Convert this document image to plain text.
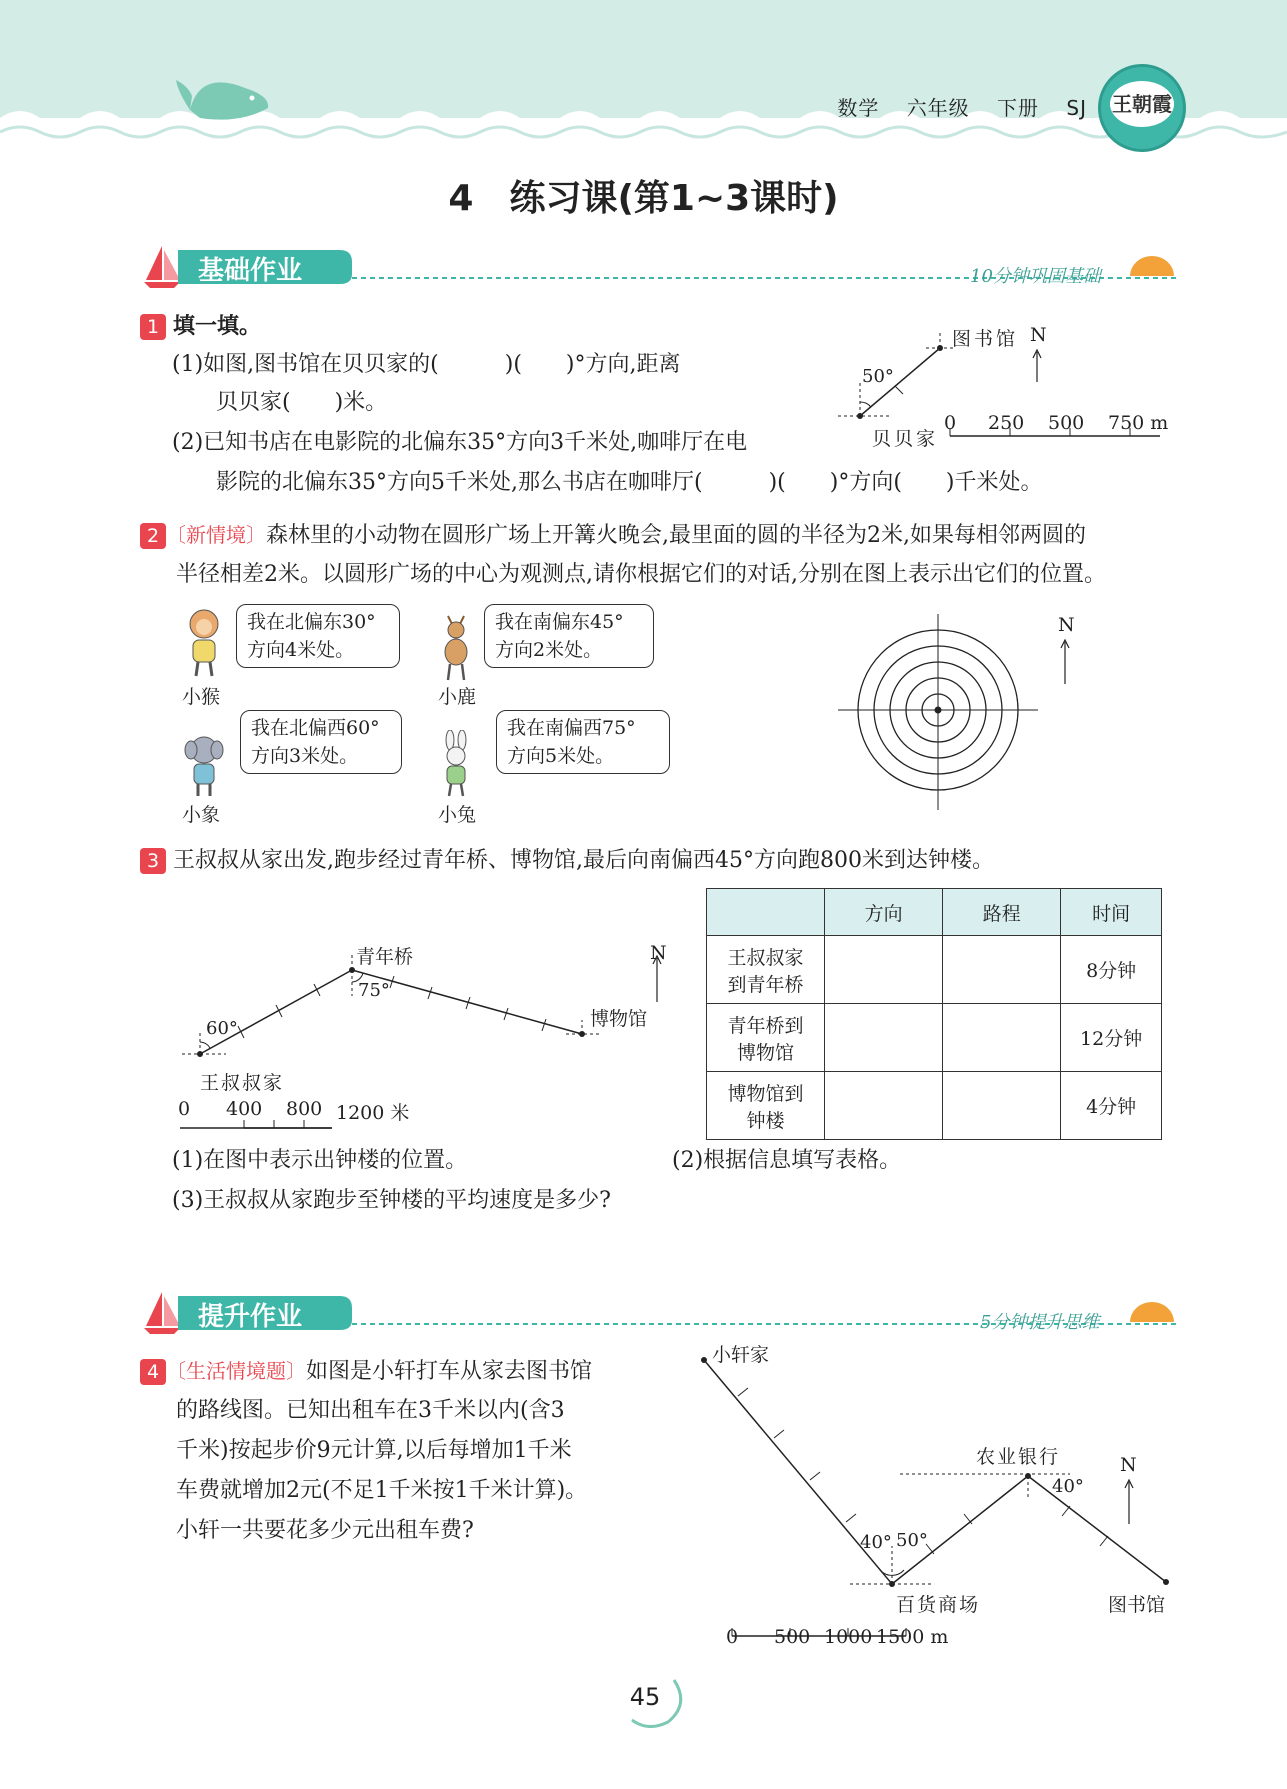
数学 六年级 下册 SJ 王朝霞
4　练习课(第1~3课时)
基础作业	10分钟巩固基础
1 填一填。
(1)如图,图书馆在贝贝家的(　　　)(　　)°方向,距离
贝贝家(　　)米。
(2)已知书店在电影院的北偏东35°方向3千米处,咖啡厅在电
影院的北偏东35°方向5千米处,那么书店在咖啡厅(　　　)(　　)°方向(　　)千米处。
图书馆 N
50°
贝贝家
0 250 500 750 m
2 〔新情境〕森林里的小动物在圆形广场上开篝火晚会,最里面的圆的半径为2米,如果每相邻两圆的
半径相差2米。以圆形广场的中心为观测点,请你根据它们的对话,分别在图上表示出它们的位置。
小猴
我在北偏东30°
方向4米处。
小鹿
我在南偏东45°
方向2米处。
小象
我在北偏西60°
方向3米处。
小兔
我在南偏西75°
方向5米处。
N
3 王叔叔从家出发,跑步经过青年桥、博物馆,最后向南偏西45°方向跑800米到达钟楼。
N
青年桥
75°
博物馆
60°
王叔叔家
0 400 800 1200 米
	方向	路程	时间

王叔叔家
到青年桥			8分钟

青年桥到
博物馆			12分钟

博物馆到
钟楼			4分钟
(1)在图中表示出钟楼的位置。	(2)根据信息填写表格。
(3)王叔叔从家跑步至钟楼的平均速度是多少?
提升作业	5分钟提升思维
4 〔生活情境题〕如图是小轩打车从家去图书馆
的路线图。已知出租车在3千米以内(含3
千米)按起步价9元计算,以后每增加1千米
车费就增加2元(不足1千米按1千米计算)。
小轩一共要花多少元出租车费?
N
小轩家
农业银行
40°
40° 50°
百货商场	图书馆
0 500 1000 1500 m
45
